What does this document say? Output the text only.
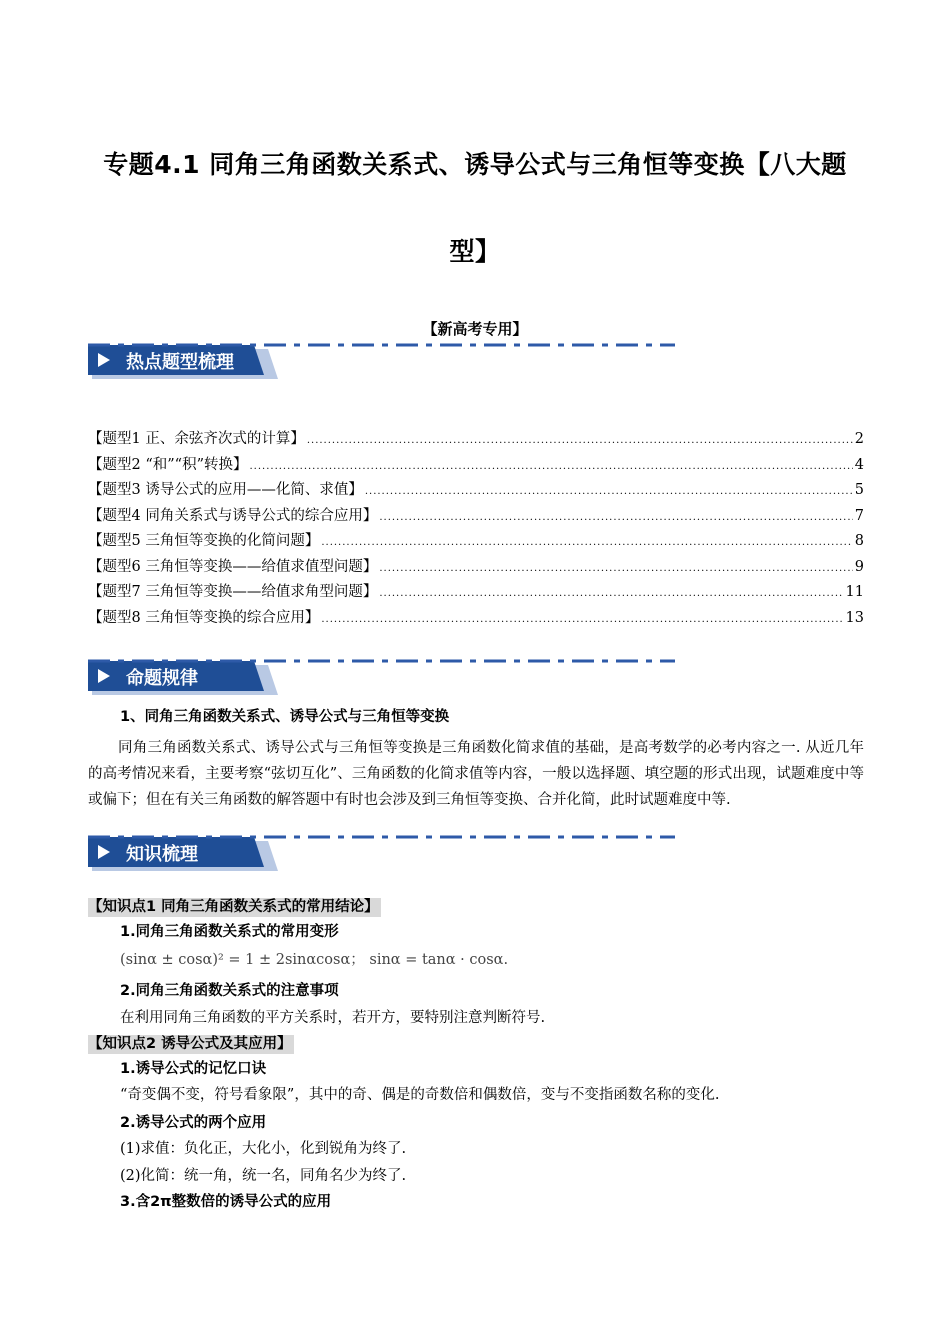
专题4.1 同角三角函数关系式、诱导公式与三角恒等变换【八大题
型】
【新高考专用】
热点题型梳理
【题型1 正、余弦齐次式的计算】 .....	2
【题型2 “和”“积”转换】 .....	4
【题型3 诱导公式的应用——化简、求值】 .....	5
【题型4 同角关系式与诱导公式的综合应用】 .....	7
【题型5 三角恒等变换的化简问题】 .....	8
【题型6 三角恒等变换——给值求值型问题】 .....	9
【题型7 三角恒等变换——给值求角型问题】 .....	11
【题型8 三角恒等变换的综合应用】 .....	13
命题规律
1、同角三角函数关系式、诱导公式与三角恒等变换

同角三角函数关系式、诱导公式与三角恒等变换是三角函数化简求值的基础，是高考数学的必考内容之一. 从近几年的高考情况来看，主要考察“弦切互化”、三角函数的化简求值等内容，一般以选择题、填空题的形式出现，试题难度中等或偏下；但在有关三角函数的解答题中有时也会涉及到三角恒等变换、合并化简，此时试题难度中等.

知识梳理
【知识点1 同角三角函数关系式的常用结论】
1.同角三角函数关系式的常用变形
(sinα ± cosα)² = 1 ± 2sinαcosα； sinα = tanα · cosα.
2.同角三角函数关系式的注意事项
在利用同角三角函数的平方关系时，若开方，要特别注意判断符号.
【知识点2 诱导公式及其应用】
1.诱导公式的记忆口诀
“奇变偶不变，符号看象限”，其中的奇、偶是的奇数倍和偶数倍，变与不变指函数名称的变化.
2.诱导公式的两个应用
(1)求值：负化正，大化小，化到锐角为终了.
(2)化简：统一角，统一名，同角名少为终了.
3.含2π整数倍的诱导公式的应用
